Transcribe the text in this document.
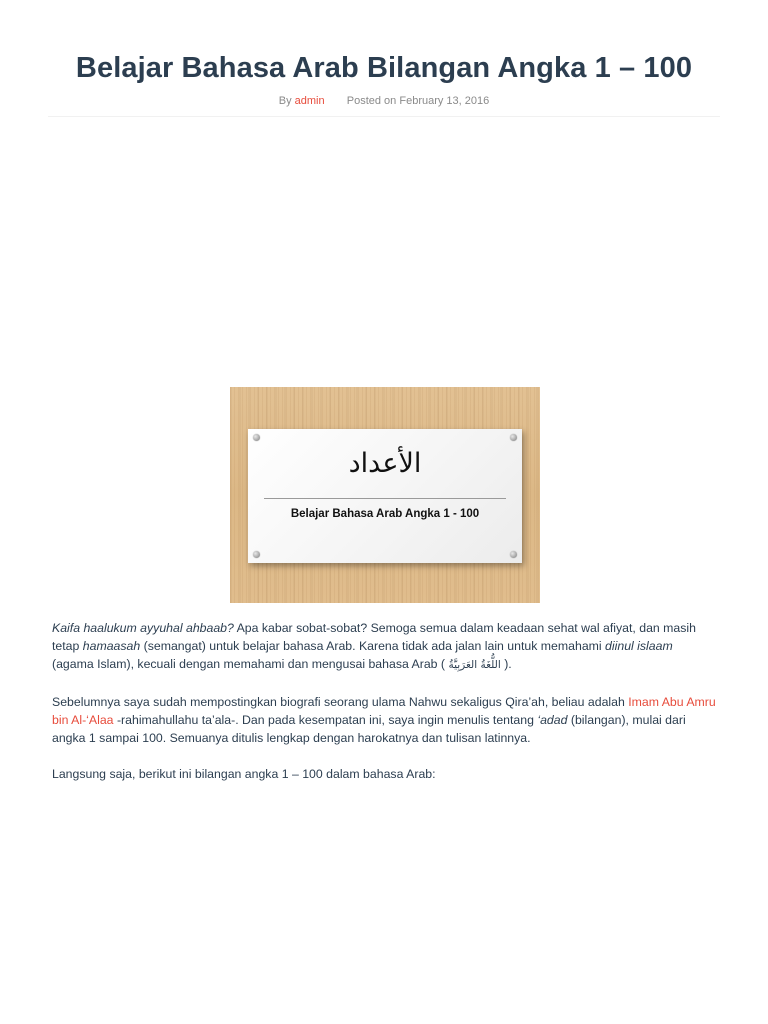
Belajar Bahasa Arab Bilangan Angka 1 – 100
By admin Posted on February 13, 2016
الأعداد
Belajar Bahasa Arab Angka 1 - 100

Kaifa haalukum ayyuhal ahbaab? Apa kabar sobat-sobat? Semoga semua dalam keadaan sehat wal afiyat, dan masih tetap hamaasah (semangat) untuk belajar bahasa Arab. Karena tidak ada jalan lain untuk memahami diinul islaam (agama Islam), kecuali dengan memahami dan mengusai bahasa Arab ( اللُّغَةُ العَرَبِيَّةُ ).

Sebelumnya saya sudah mempostingkan biografi seorang ulama Nahwu sekaligus Qira’ah, beliau adalah Imam Abu Amru bin Al-‘Alaa -rahimahullahu ta’ala-. Dan pada kesempatan ini, saya ingin menulis tentang ‘adad (bilangan), mulai dari angka 1 sampai 100. Semuanya ditulis lengkap dengan harokatnya dan tulisan latinnya.

Langsung saja, berikut ini bilangan angka 1 – 100 dalam bahasa Arab:
